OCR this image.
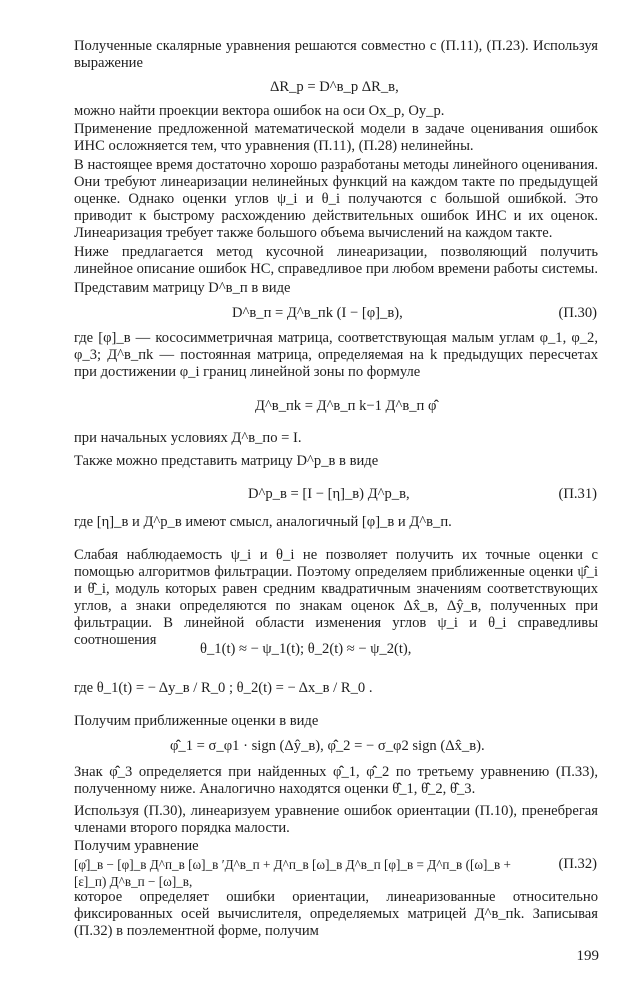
Полученные скалярные уравнения решаются совместно с (П.11), (П.23). Используя выражение
ΔR_р = D^в_p ΔR_в,
можно найти проекции вектора ошибок на оси Ox_р, Oy_р.
Применение предложенной математической модели в задаче оценивания ошибок ИНС осложняется тем, что уравнения (П.11), (П.28) нелинейны.
В настоящее время достаточно хорошо разработаны методы линейного оценивания. Они требуют линеаризации нелинейных функций на каждом такте по предыдущей оценке. Однако оценки углов ψ_i и θ_i получаются с большой ошибкой. Это приводит к быстрому расхождению действительных ошибок ИНС и их оценок. Линеаризация требует также большого объема вычислений на каждом такте.
Ниже предлагается метод кусочной линеаризации, позволяющий получить линейное описание ошибок НС, справедливое при любом времени работы системы.
Представим матрицу D^в_п в виде
D^в_п = Д^в_пk (I − [φ]_в),	(П.30)
где [φ]_в — кососимметричная матрица, соответствующая малым углам φ_1, φ_2, φ_3; Д^в_пk — постоянная матрица, определяемая на k предыдущих пересчетах при достижении φ_i границ линейной зоны по формуле
Д^в_пk = Д^в_п k−1 Д^в_п φ̂̂
при начальных условиях Д^в_по = I.
Также можно представить матрицу D^р_в в виде
D^р_в = [I − [η]_в) Д^р_в,	(П.31)
где [η]_в и Д^р_в имеют смысл, аналогичный [φ]_в и Д^в_п.
Слабая наблюдаемость ψ_i и θ_i не позволяет получить их точные оценки с помощью алгоритмов фильтрации. Поэтому определяем приближенные оценки ψ̂̂_i и θ̂̂_i, модуль которых равен средним квадратичным значениям соответствующих углов, а знаки определяются по знакам оценок Δx̂_в, Δŷ_в, полученных при фильтрации. В линейной области изменения углов ψ_i и θ_i справедливы соотношения
θ_1(t) ≈ − ψ_1(t); θ_2(t) ≈ − ψ_2(t),
где θ_1(t) = − Δy_в / R_0 ; θ_2(t) = − Δx_в / R_0 .
Получим приближенные оценки в виде
φ̂̂_1 = σ_φ1 · sign (Δŷ_в), φ̂̂_2 = − σ_φ2 sign (Δx̂_в).
Знак φ̂̂_3 определяется при найденных φ̂̂_1, φ̂̂_2 по третьему уравнению (П.33), полученному ниже. Аналогично находятся оценки θ̂̂_1, θ̂̂_2, θ̂̂_3.
Используя (П.30), линеаризуем уравнение ошибок ориентации (П.10), пренебрегая членами второго порядка малости.
Получим уравнение
[φ̇]_в − [φ]_в Д^п_в [ω]_в ′Д^в_п + Д^п_в [ω]_в Д^в_п [φ]_в = Д^п_в ([ω]_в + [ε]_п) Д^в_п − [ω]_в,
(П.32)
которое определяет ошибки ориентации, линеаризованные относительно фиксированных осей вычислителя, определяемых матрицей Д^в_пk. Записывая (П.32) в поэлементной форме, получим
199
